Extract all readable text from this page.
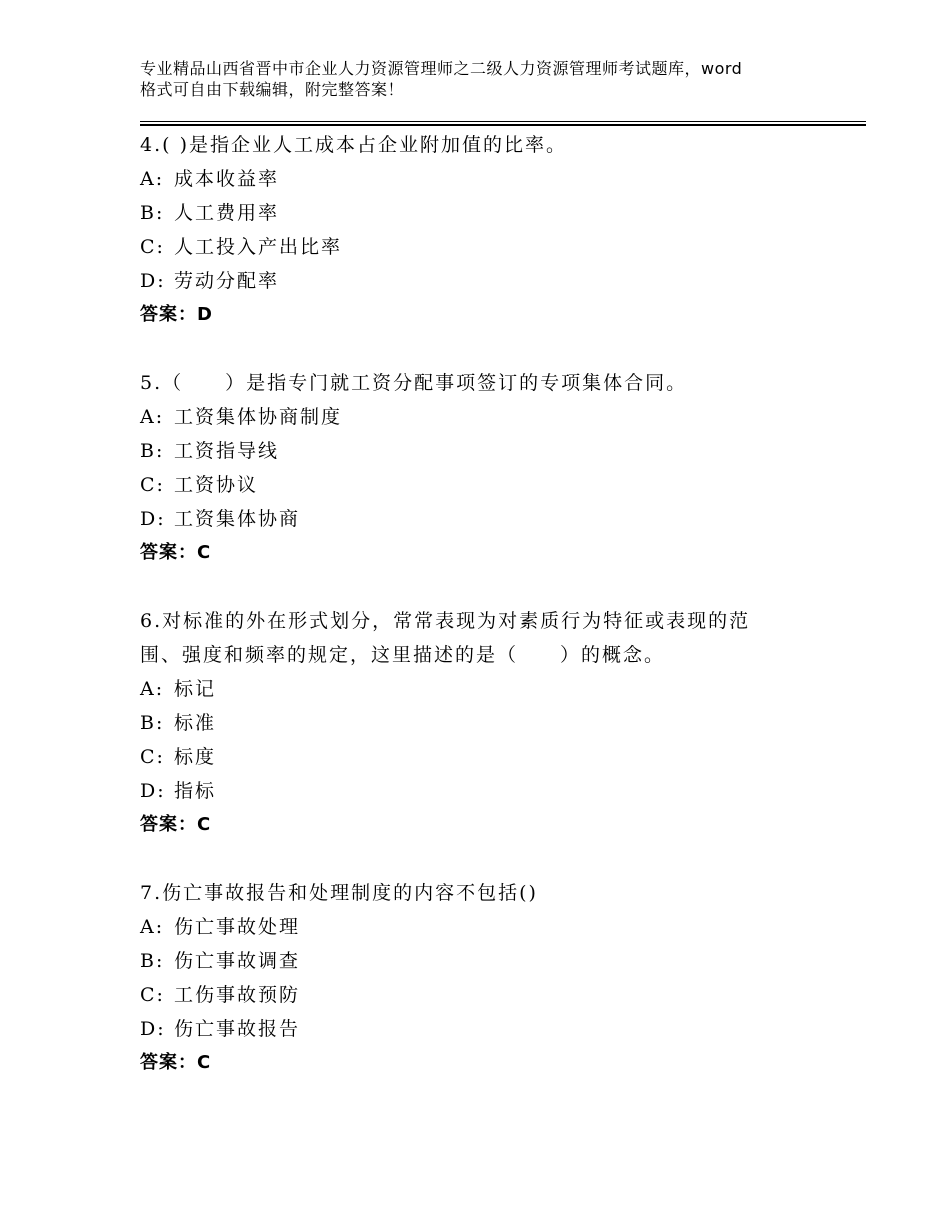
专业精品山西省晋中市企业人力资源管理师之二级人力资源管理师考试题库，word
格式可自由下载编辑，附完整答案！
4.( )是指企业人工成本占企业附加值的比率。
A: 成本收益率
B: 人工费用率
C: 人工投入产出比率
D: 劳动分配率
答案：D
5.（　　）是指专门就工资分配事项签订的专项集体合同。
A: 工资集体协商制度
B: 工资指导线
C: 工资协议
D: 工资集体协商
答案：C
6.对标准的外在形式划分，常常表现为对素质行为特征或表现的范
围、强度和频率的规定，这里描述的是（　　）的概念。
A: 标记
B: 标准
C: 标度
D: 指标
答案：C
7.伤亡事故报告和处理制度的内容不包括()
A: 伤亡事故处理
B: 伤亡事故调查
C: 工伤事故预防
D: 伤亡事故报告
答案：C
